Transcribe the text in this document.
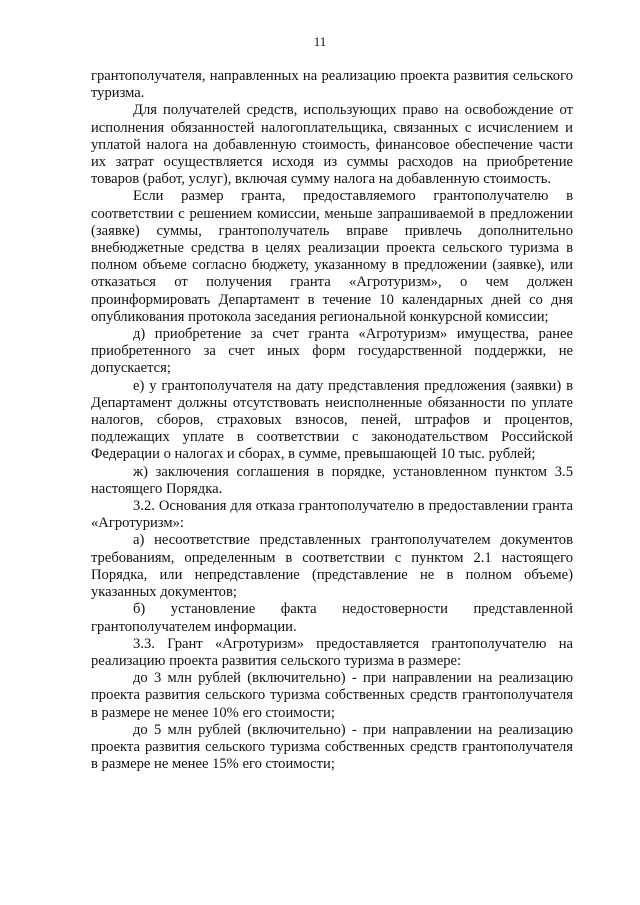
11

грантополучателя, направленных на реализацию проекта развития сельского туризма.

Для получателей средств, использующих право на освобождение от исполнения обязанностей налогоплательщика, связанных с исчислением и уплатой налога на добавленную стоимость, финансовое обеспечение части их затрат осуществляется исходя из суммы расходов на приобретение товаров (работ, услуг), включая сумму налога на добавленную стоимость.

Если размер гранта, предоставляемого грантополучателю в соответствии с решением комиссии, меньше запрашиваемой в предложении (заявке) суммы, грантополучатель вправе привлечь дополнительно внебюджетные средства в целях реализации проекта сельского туризма в полном объеме согласно бюджету, указанному в предложении (заявке), или отказаться от получения гранта «Агротуризм», о чем должен проинформировать Департамент в течение 10 календарных дней со дня опубликования протокола заседания региональной конкурсной комиссии;

д) приобретение за счет гранта «Агротуризм» имущества, ранее приобретенного за счет иных форм государственной поддержки, не допускается;

е) у грантополучателя на дату представления предложения (заявки) в Департамент должны отсутствовать неисполненные обязанности по уплате налогов, сборов, страховых взносов, пеней, штрафов и процентов, подлежащих уплате в соответствии с законодательством Российской Федерации о налогах и сборах, в сумме, превышающей 10 тыс. рублей;

ж) заключения соглашения в порядке, установленном пунктом 3.5 настоящего Порядка.

3.2. Основания для отказа грантополучателю в предоставлении гранта «Агротуризм»:

а) несоответствие представленных грантополучателем документов требованиям, определенным в соответствии с пунктом 2.1 настоящего Порядка, или непредставление (представление не в полном объеме) указанных документов;

б) установление факта недостоверности представленной грантополучателем информации.

3.3. Грант «Агротуризм» предоставляется грантополучателю на реализацию проекта развития сельского туризма в размере:

до 3 млн рублей (включительно) - при направлении на реализацию проекта развития сельского туризма собственных средств грантополучателя в размере не менее 10% его стоимости;

до 5 млн рублей (включительно) - при направлении на реализацию проекта развития сельского туризма собственных средств грантополучателя в размере не менее 15% его стоимости;
